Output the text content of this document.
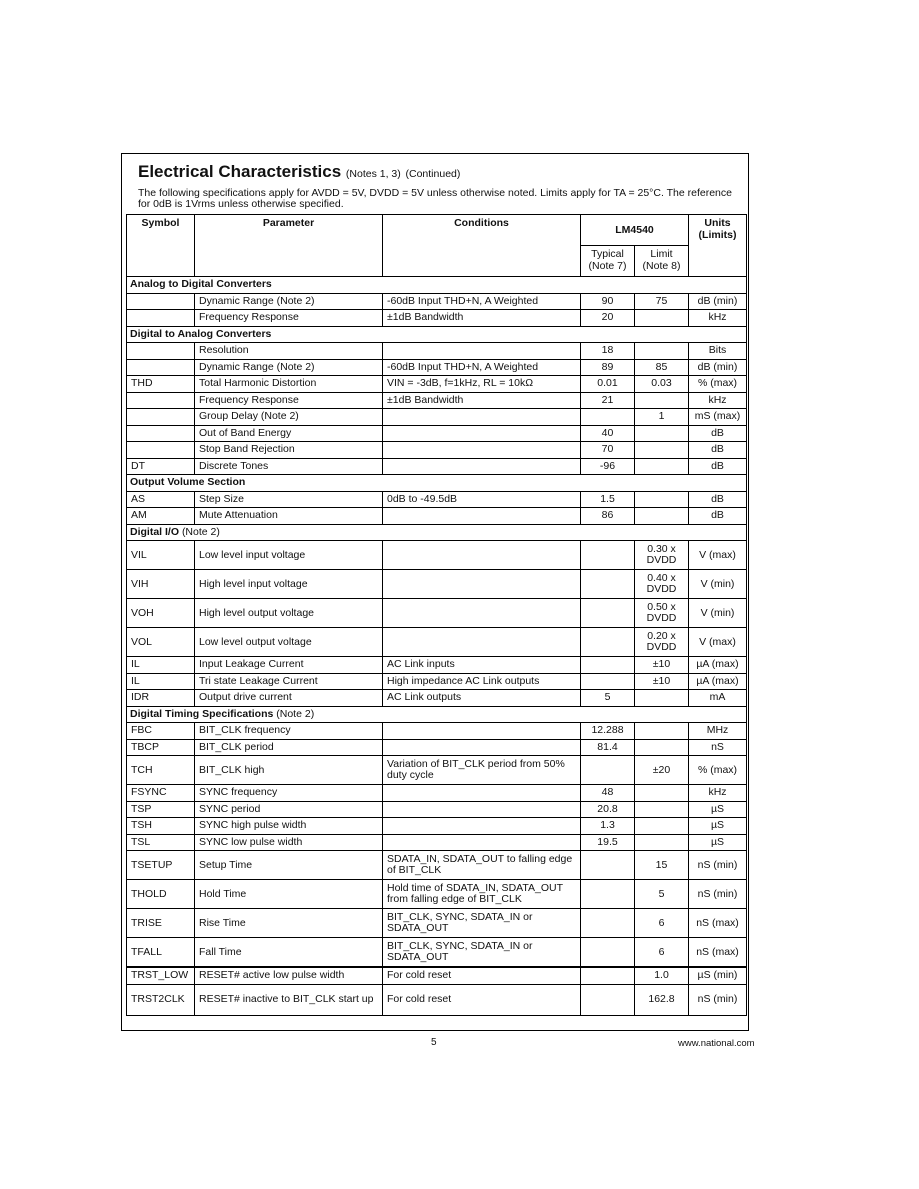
Electrical Characteristics (Notes 1, 3) (Continued)
The following specifications apply for AVDD = 5V, DVDD = 5V unless otherwise noted. Limits apply for TA = 25°C. The reference for 0dB is 1Vrms unless otherwise specified.
Symbol	Parameter	Conditions	LM4540		Units (Limits)
			Typical (Note 7)	Limit (Note 8)	
Analog to Digital Converters					
	Dynamic Range (Note 2)	-60dB Input THD+N, A Weighted	90	75	dB (min)
	Frequency Response	±1dB Bandwidth	20		kHz
Digital to Analog Converters					
	Resolution		18		Bits
	Dynamic Range (Note 2)	-60dB Input THD+N, A Weighted	89	85	dB (min)
THD	Total Harmonic Distortion	VIN = -3dB, f=1kHz, RL = 10kΩ	0.01	0.03	% (max)
	Frequency Response	±1dB Bandwidth	21		kHz
	Group Delay (Note 2)			1	mS (max)
	Out of Band Energy		40		dB
	Stop Band Rejection		70		dB
DT	Discrete Tones		-96		dB
Output Volume Section					
AS	Step Size	0dB to -49.5dB	1.5		dB
AM	Mute Attenuation		86		dB
Digital I/O (Note 2)					
VIL	Low level input voltage			0.30 x DVDD	V (max)
VIH	High level input voltage			0.40 x DVDD	V (min)
VOH	High level output voltage			0.50 x DVDD	V (min)
VOL	Low level output voltage			0.20 x DVDD	V (max)
IL	Input Leakage Current	AC Link inputs		±10	µA (max)
IL	Tri state Leakage Current	High impedance AC Link outputs		±10	µA (max)
IDR	Output drive current	AC Link outputs	5		mA
Digital Timing Specifications (Note 2)					
FBC	BIT_CLK frequency		12.288		MHz
TBCP	BIT_CLK period		81.4		nS
TCH	BIT_CLK high	Variation of BIT_CLK period from 50% duty cycle		±20	% (max)
FSYNC	SYNC frequency		48		kHz
TSP	SYNC period		20.8		µS
TSH	SYNC high pulse width		1.3		µS
TSL	SYNC low pulse width		19.5		µS
TSETUP	Setup Time	SDATA_IN, SDATA_OUT to falling edge of BIT_CLK		15	nS (min)
THOLD	Hold Time	Hold time of SDATA_IN, SDATA_OUT from falling edge of BIT_CLK		5	nS (min)
TRISE	Rise Time	BIT_CLK, SYNC, SDATA_IN or SDATA_OUT		6	nS (max)
TFALL	Fall Time	BIT_CLK, SYNC, SDATA_IN or SDATA_OUT		6	nS (max)
TRST_LOW	RESET# active low pulse width	For cold reset		1.0	µS (min)
TRST2CLK	RESET# inactive to BIT_CLK start up	For cold reset		162.8	nS (min)
5	www.national.com
